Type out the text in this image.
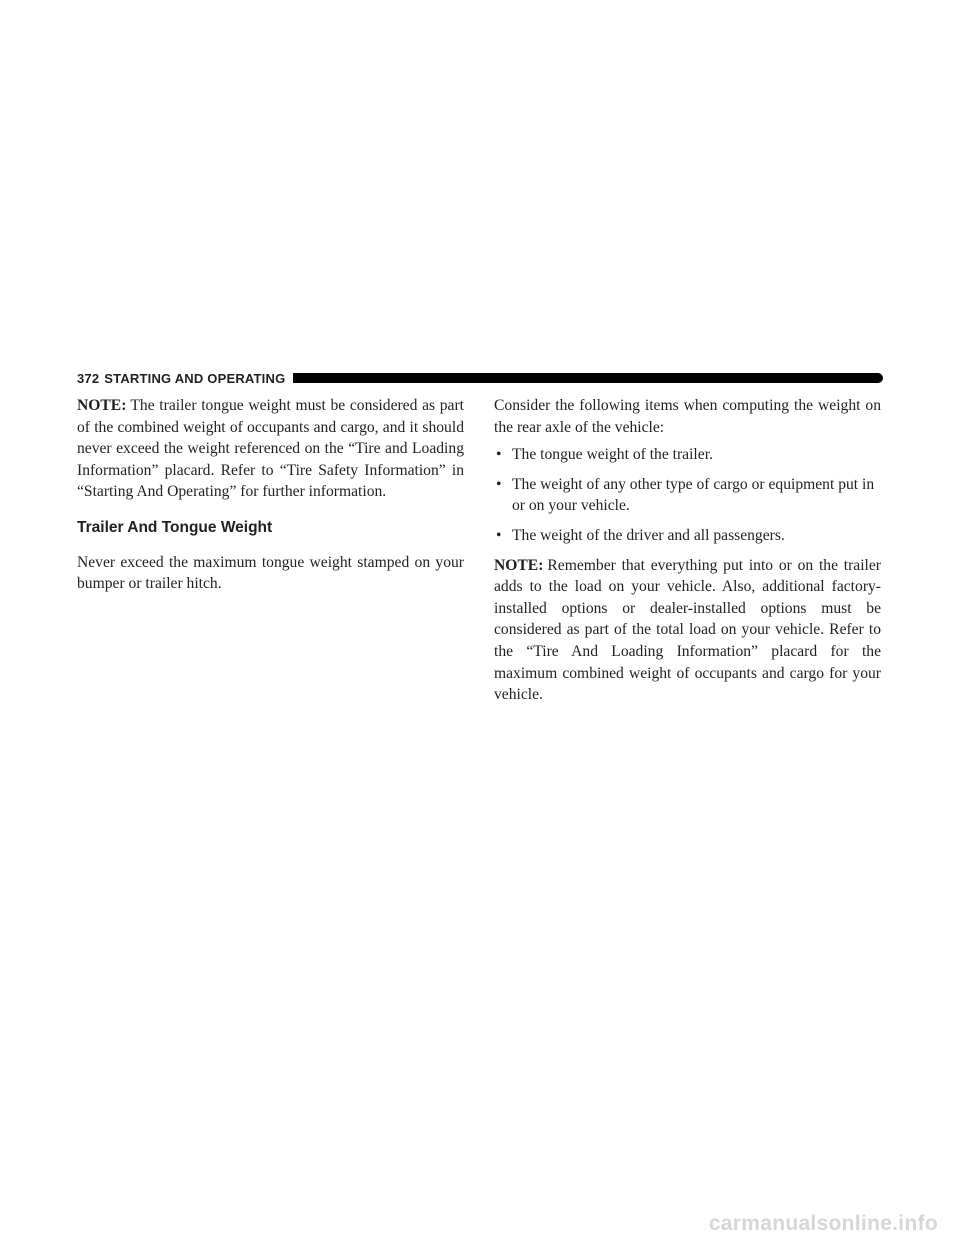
372 STARTING AND OPERATING

NOTE: The trailer tongue weight must be considered as part of the combined weight of occupants and cargo, and it should never exceed the weight referenced on the “Tire and Loading Information” placard. Refer to “Tire Safety Information” in “Starting And Operating” for further information.

Trailer And Tongue Weight

Never exceed the maximum tongue weight stamped on your bumper or trailer hitch.

Consider the following items when computing the weight on the rear axle of the vehicle:

• The tongue weight of the trailer.
• The weight of any other type of cargo or equipment put in or on your vehicle.
• The weight of the driver and all passengers.

NOTE: Remember that everything put into or on the trailer adds to the load on your vehicle. Also, additional factory-installed options or dealer-installed options must be considered as part of the total load on your vehicle. Refer to the “Tire And Loading Information” placard for the maximum combined weight of occupants and cargo for your vehicle.

carmanualsonline.info
